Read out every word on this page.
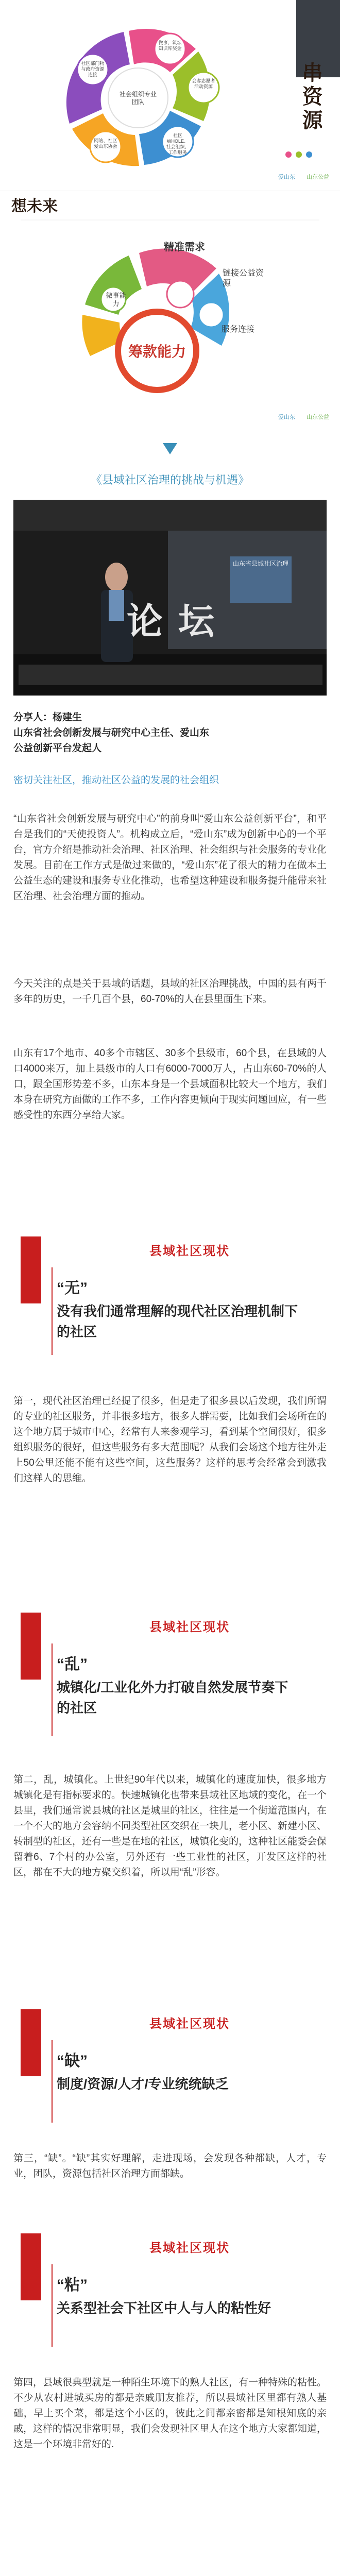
社会组织专业团队
微事、筑坛知识库奖金
会客志愿者活动资源
社区WHOLE、社会组织、工作服务
网站、社区爱山东协会
社区部门物与政府资源连接	串资源
爱山东 山东公益
想未来
精准需求
链接公益资源
服务连接
微事能力
筹款能力
爱山东 山东公益
《县域社区治理的挑战与机遇》
论坛
山东省县域社区治理
分享人：杨建生
山东省社会创新发展与研究中心主任、爱山东
公益创新平台发起人
密切关注社区，推动社区公益的发展的社会组织
“山东省社会创新发展与研究中心”的前身叫“爱山东公益创新平台”，和平台是我们的“天使投资人”。机构成立后，“爱山东”成为创新中心的一个平台，官方介绍是推动社会治理、社区治理、社会组织与社会服务的专业化发展。目前在工作方式是做过来做的，“爱山东”花了很大的精力在做本土公益生态的建设和服务专业化推动，也希望这种建设和服务提升能带来社区治理、社会治理方面的推动。
今天关注的点是关于县域的话题，县域的社区治理挑战，中国的县有两千多年的历史，一千几百个县，60-70%的人在县里面生下来。
山东有17个地市、40多个市辖区、30多个县级市，60个县，在县域的人口4000来万，加上县级市的人口有6000-7000万人，占山东60-70%的人口，跟全国形势差不多，山东本身是一个县域面积比较大一个地方，我们本身在研究方面做的工作不多，工作内容更倾向于现实问题回应，有一些感受性的东西分享给大家。
县域社区现状
“无”
没有我们通常理解的现代社区治理机制下的社区
第一，现代社区治理已经提了很多，但是走了很多县以后发现，我们所谓的专业的社区服务，并非很多地方，很多人群需要，比如我们会场所在的这个地方属于城市中心，经常有人来参观学习，看到某个空间很好，很多组织服务的很好，但这些服务有多大范围呢？从我们会场这个地方往外走上50公里还能不能有这些空间，这些服务？这样的思考会经常会到激我们这样人的思维。
县域社区现状
“乱”
城镇化/工业化外力打破自然发展节奏下的社区
第二，乱，城镇化。上世纪90年代以来，城镇化的速度加快，很多地方城镇化是有指标要求的。快速城镇化也带来县域社区地域的变化，在一个县里，我们通常说县城的社区是城里的社区，往往是一个街道范围内，在一个不大的地方会容纳不同类型社区交织在一块儿，老小区、新建小区、转制型的社区，还有一些是在地的社区，城镇化变的，这种社区能委会保留着6、7个村的办公室，另外还有一些工业性的社区，开发区这样的社区，都在不大的地方聚交织着，所以用“乱”形容。
县域社区现状
“缺”
制度/资源/人才/专业统统缺乏
第三，“缺”。“缺”其实好理解，走进现场，会发现各种都缺，人才，专业，团队，资源包括社区治理方面都缺。
县域社区现状
“粘”
关系型社会下社区中人与人的粘性好
第四，县域很典型就是一种陌生环境下的熟人社区，有一种特殊的粘性。不少从农村进城买房的都是亲戚朋友推荐，所以县域社区里都有熟人基础，早上买个菜，都是这个小区的，彼此之间都亲密都是知根知底的亲戚，这样的情况非常明显，我们会发现社区里人在这个地方大家都知道，这是一个环境非常好的.
